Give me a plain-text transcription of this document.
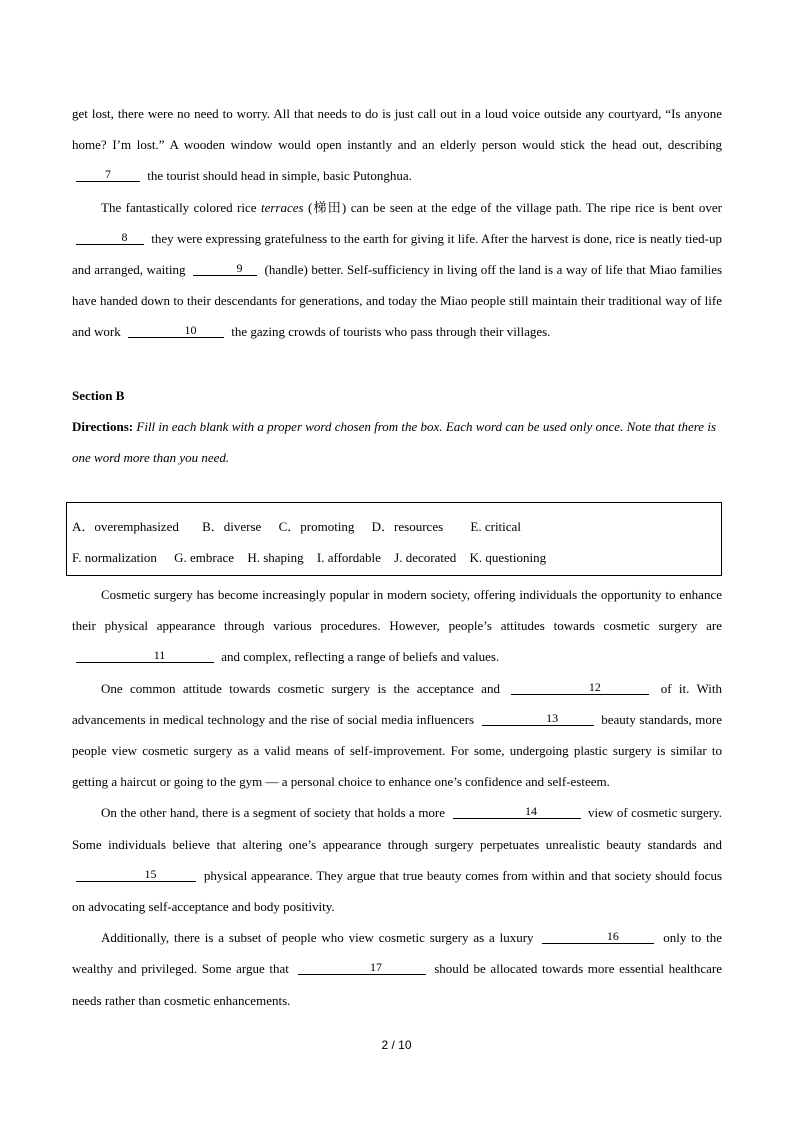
get lost, there were no need to worry. All that needs to do is just call out in a loud voice outside any courtyard, “Is anyone home? I’m lost.” A wooden window would open instantly and an elderly person would stick the head out, describing 7	the tourist should head in simple, basic Putonghua.

The fantastically colored rice terraces (梯田) can be seen at the edge of the village path. The ripe rice is bent over8 they were expressing gratefulness to the earth for giving it life. After the harvest is done, rice is neatly tied-up and arranged, waiting	9 (handle) better. Self-sufficiency in living off the land is a way of life that Miao families have handed down to their descendants for generations, and today the Miao people still maintain their traditional way of life and work	10	the gazing crowds of tourists who pass through their villages.

Section B

Directions: Fill in each blank with a proper word chosen from the box. Each word can be used only once. Note that there is one word more than you need.

A．overemphasized B．diverse C．promoting D．resources E. critical
F. normalization G. embrace H. shaping I. affordable J. decorated K. questioning

Cosmetic surgery has become increasingly popular in modern society, offering individuals the opportunity to enhance their physical appearance through various procedures. However, people’s attitudes towards cosmetic surgery are 11	and complex, reflecting a range of beliefs and values.

One common attitude towards cosmetic surgery is the acceptance and	12	of it. With advancements in medical technology and the rise of social media influencers	13	beauty standards, more people view cosmetic surgery as a valid means of self-improvement. For some, undergoing plastic surgery is similar to getting a haircut or going to the gym — a personal choice to enhance one’s confidence and self-esteem.

On the other hand, there is a segment of society that holds a more	14	view of cosmetic surgery. Some individuals believe that altering one’s appearance through surgery perpetuates unrealistic beauty standards and 15	physical appearance. They argue that true beauty comes from within and that society should focus on advocating self-acceptance and body positivity.

Additionally, there is a subset of people who view cosmetic surgery as a luxury	16	only to the wealthy and privileged. Some argue that	17	should be allocated towards more essential healthcare needs rather than cosmetic enhancements.

2 / 10
